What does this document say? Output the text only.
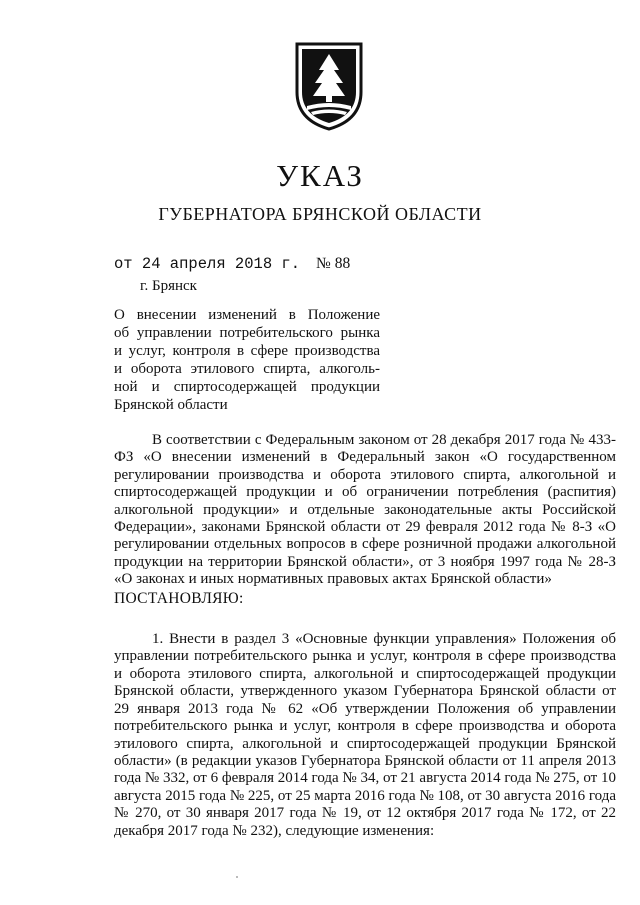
УКАЗ
ГУБЕРНАТОРА БРЯНСКОЙ ОБЛАСТИ
от 24 апреля 2018 г. № 88
г. Брянск
О внесении изменений в Положение
об управлении потребительского рынка
и услуг, контроля в сфере производства
и оборота этилового спирта, алкоголь-
ной и спиртосодержащей продукции
Брянской области

В соответствии с Федеральным законом от 28 декабря 2017 года № 433-ФЗ «О внесении изменений в Федеральный закон «О государственном регулировании производства и оборота этилового спирта, алкогольной и спиртосодержащей продукции и об ограничении потребления (распития) алкогольной продукции» и отдельные законодательные акты Российской Федерации», законами Брянской области от 29 февраля 2012 года № 8-З «О регулировании отдельных вопросов в сфере розничной продажи алкогольной продукции на территории Брянской области», от 3 ноября 1997 года № 28-З «О законах и иных нормативных правовых актах Брянской области»

ПОСТАНОВЛЯЮ:

1. Внести в раздел 3 «Основные функции управления» Положения об управлении потребительского рынка и услуг, контроля в сфере производства и оборота этилового спирта, алкогольной и спиртосодержащей продукции Брянской области, утвержденного указом Губернатора Брянской области от 29 января 2013 года № 62 «Об утверждении Положения об управлении потребительского рынка и услуг, контроля в сфере производства и оборота этилового спирта, алкогольной и спиртосодержащей продукции Брянской области» (в редакции указов Губернатора Брянской области от 11 апреля 2013 года № 332, от 6 февраля 2014 года № 34, от 21 августа 2014 года № 275, от 10 августа 2015 года № 225, от 25 марта 2016 года № 108, от 30 августа 2016 года № 270, от 30 января 2017 года № 19, от 12 октября 2017 года № 172, от 22 декабря 2017 года № 232), следующие изменения:
